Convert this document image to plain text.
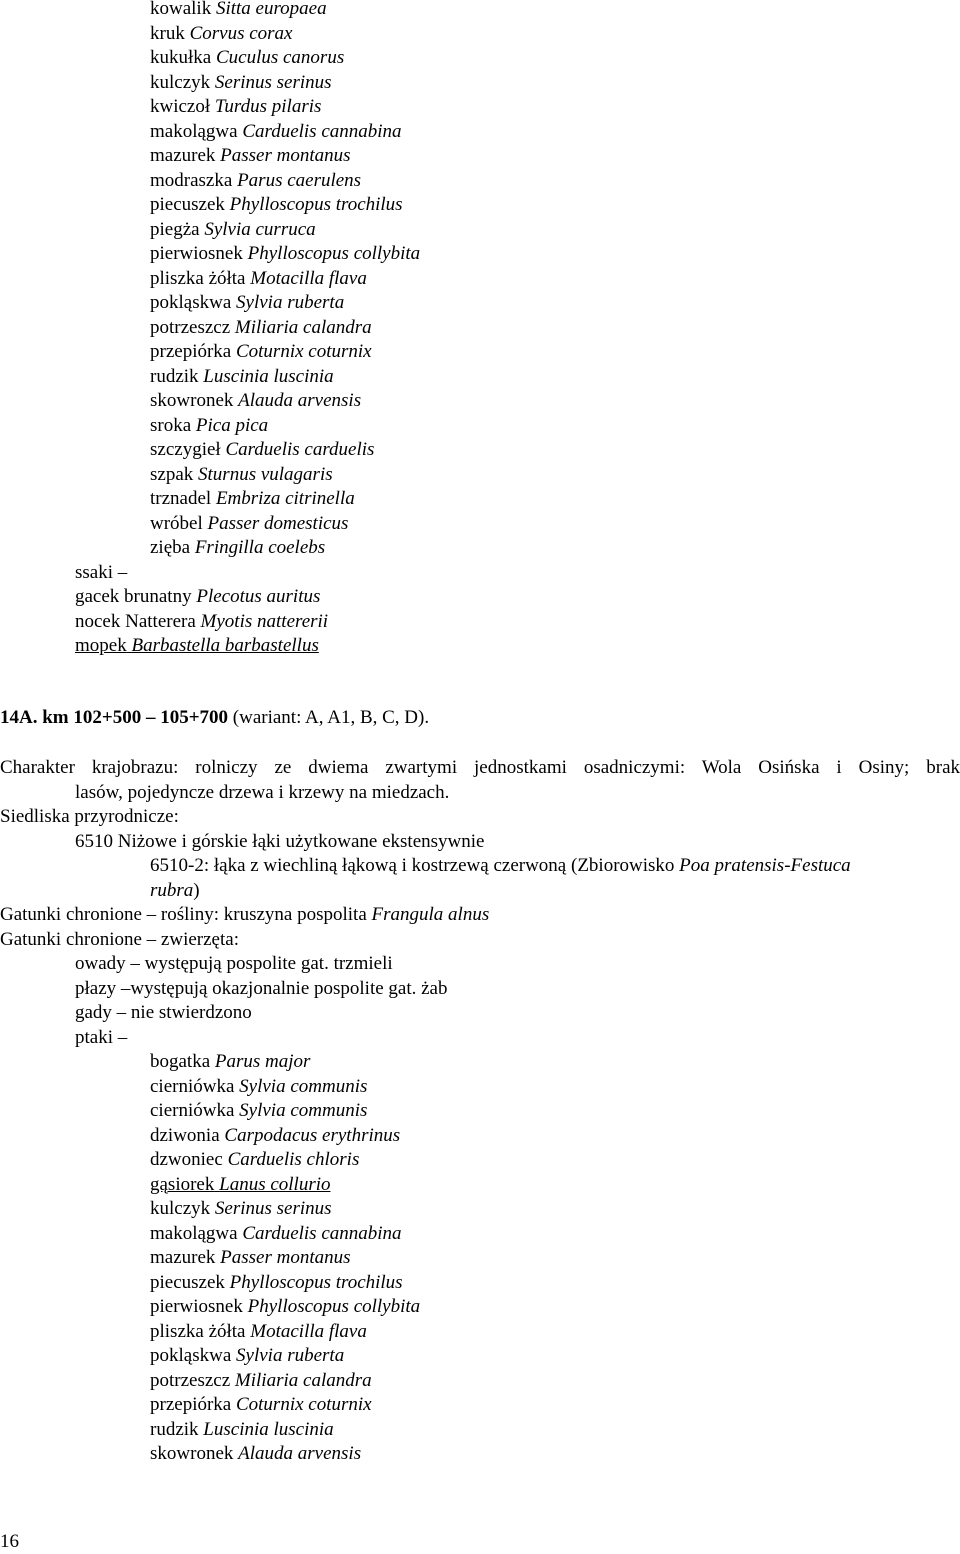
kowalik Sitta europaea
kruk Corvus corax
kukułka Cuculus canorus
kulczyk Serinus serinus
kwiczoł Turdus pilaris
makolągwa Carduelis cannabina
mazurek Passer montanus
modraszka Parus caerulens
piecuszek Phylloscopus trochilus
piegża Sylvia curruca
pierwiosnek Phylloscopus collybita
pliszka żółta Motacilla flava
pokląskwa Sylvia ruberta
potrzeszcz Miliaria calandra
przepiórka Coturnix coturnix
rudzik Luscinia luscinia
skowronek Alauda arvensis
sroka Pica pica
szczygieł Carduelis carduelis
szpak Sturnus vulagaris
trznadel Embriza citrinella
wróbel Passer domesticus
zięba Fringilla coelebs
ssaki –
gacek brunatny Plecotus auritus
nocek Natterera Myotis nattererii
mopek Barbastella barbastellus
14A. km 102+500 – 105+700 (wariant: A, A1, B, C, D).
Charakter krajobrazu: rolniczy ze dwiema zwartymi jednostkami osadniczymi: Wola Osińska i Osiny; brak
lasów, pojedyncze drzewa i krzewy na miedzach.
Siedliska przyrodnicze:
6510 Niżowe i górskie łąki użytkowane ekstensywnie
6510-2: łąka z wiechliną łąkową i kostrzewą czerwoną (Zbiorowisko Poa pratensis-Festuca
rubra)
Gatunki chronione – rośliny: kruszyna pospolita Frangula alnus
Gatunki chronione – zwierzęta:
owady – występują pospolite gat. trzmieli
płazy –występują okazjonalnie pospolite gat. żab
gady – nie stwierdzono
ptaki –
bogatka Parus major
cierniówka Sylvia communis
cierniówka Sylvia communis
dziwonia Carpodacus erythrinus
dzwoniec Carduelis chloris
gąsiorek Lanus collurio
kulczyk Serinus serinus
makolągwa Carduelis cannabina
mazurek Passer montanus
piecuszek Phylloscopus trochilus
pierwiosnek Phylloscopus collybita
pliszka żółta Motacilla flava
pokląskwa Sylvia ruberta
potrzeszcz Miliaria calandra
przepiórka Coturnix coturnix
rudzik Luscinia luscinia
skowronek Alauda arvensis
16
